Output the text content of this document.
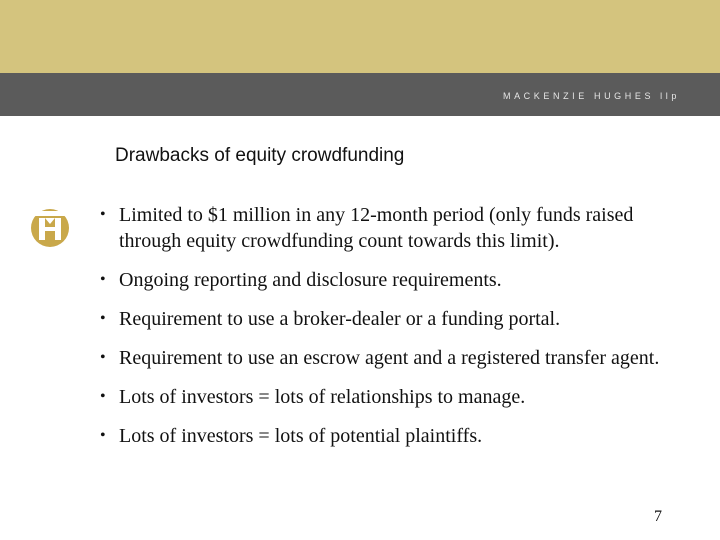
MACKENZIE HUGHES llp
Drawbacks of equity crowdfunding
• Limited to $1 million in any 12-month period (only funds raised through equity crowdfunding count towards this limit).
• Ongoing reporting and disclosure requirements.
• Requirement to use a broker-dealer or a funding portal.
• Requirement to use an escrow agent and a registered transfer agent.
• Lots of investors = lots of relationships to manage.
• Lots of investors = lots of potential plaintiffs.
7
